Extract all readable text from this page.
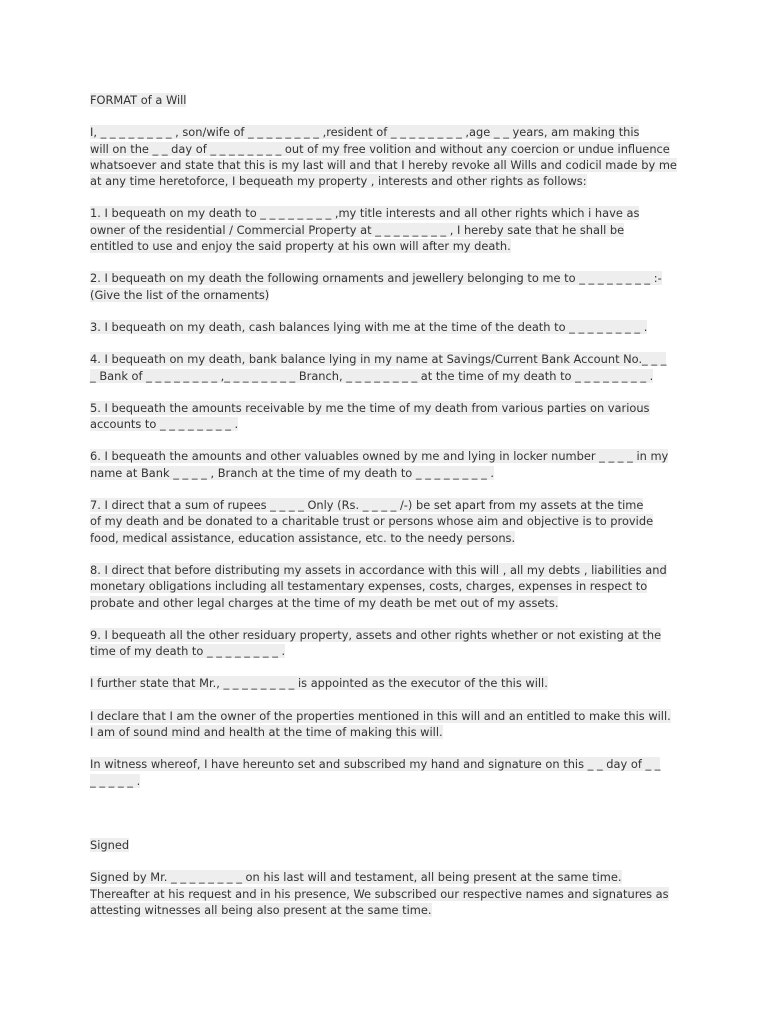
FORMAT of a Will

I, _ _ _ _ _ _ _ _ , son/wife of _ _ _ _ _ _ _ _ ,resident of _ _ _ _ _ _ _ _ ,age _ _ years, am making this
will on the _ _ day of _ _ _ _ _ _ _ _ out of my free volition and without any coercion or undue influence
whatsoever and state that this is my last will and that I hereby revoke all Wills and codicil made by me
at any time heretoforce, I bequeath my property , interests and other rights as follows:

1. I bequeath on my death to _ _ _ _ _ _ _ _ ,my title interests and all other rights which i have as
owner of the residential / Commercial Property at _ _ _ _ _ _ _ _ , I hereby sate that he shall be
entitled to use and enjoy the said property at his own will after my death.

2. I bequeath on my death the following ornaments and jewellery belonging to me to _ _ _ _ _ _ _ _ :-
(Give the list of the ornaments)

3. I bequeath on my death, cash balances lying with me at the time of the death to _ _ _ _ _ _ _ _ .

4. I bequeath on my death, bank balance lying in my name at Savings/Current Bank Account No._ _ _
_ Bank of _ _ _ _ _ _ _ _ ,_ _ _ _ _ _ _ _ Branch, _ _ _ _ _ _ _ _ at the time of my death to _ _ _ _ _ _ _ _ .

5. I bequeath the amounts receivable by me the time of my death from various parties on various
accounts to _ _ _ _ _ _ _ _ .

6. I bequeath the amounts and other valuables owned by me and lying in locker number _ _ _ _ in my
name at Bank _ _ _ _ , Branch at the time of my death to _ _ _ _ _ _ _ _ .

7. I direct that a sum of rupees _ _ _ _ Only (Rs. _ _ _ _ /-) be set apart from my assets at the time
of my death and be donated to a charitable trust or persons whose aim and objective is to provide
food, medical assistance, education assistance, etc. to the needy persons.

8. I direct that before distributing my assets in accordance with this will , all my debts , liabilities and
monetary obligations including all testamentary expenses, costs, charges, expenses in respect to
probate and other legal charges at the time of my death be met out of my assets.

9. I bequeath all the other residuary property, assets and other rights whether or not existing at the
time of my death to _ _ _ _ _ _ _ _ .

I further state that Mr., _ _ _ _ _ _ _ _ is appointed as the executor of the this will.

I declare that I am the owner of the properties mentioned in this will and an entitled to make this will.
I am of sound mind and health at the time of making this will.

In witness whereof, I have hereunto set and subscribed my hand and signature on this _ _ day of _ _
_ _ _ _ _ .

Signed

Signed by Mr. _ _ _ _ _ _ _ _ on his last will and testament, all being present at the same time.
Thereafter at his request and in his presence, We subscribed our respective names and signatures as
attesting witnesses all being also present at the same time.
